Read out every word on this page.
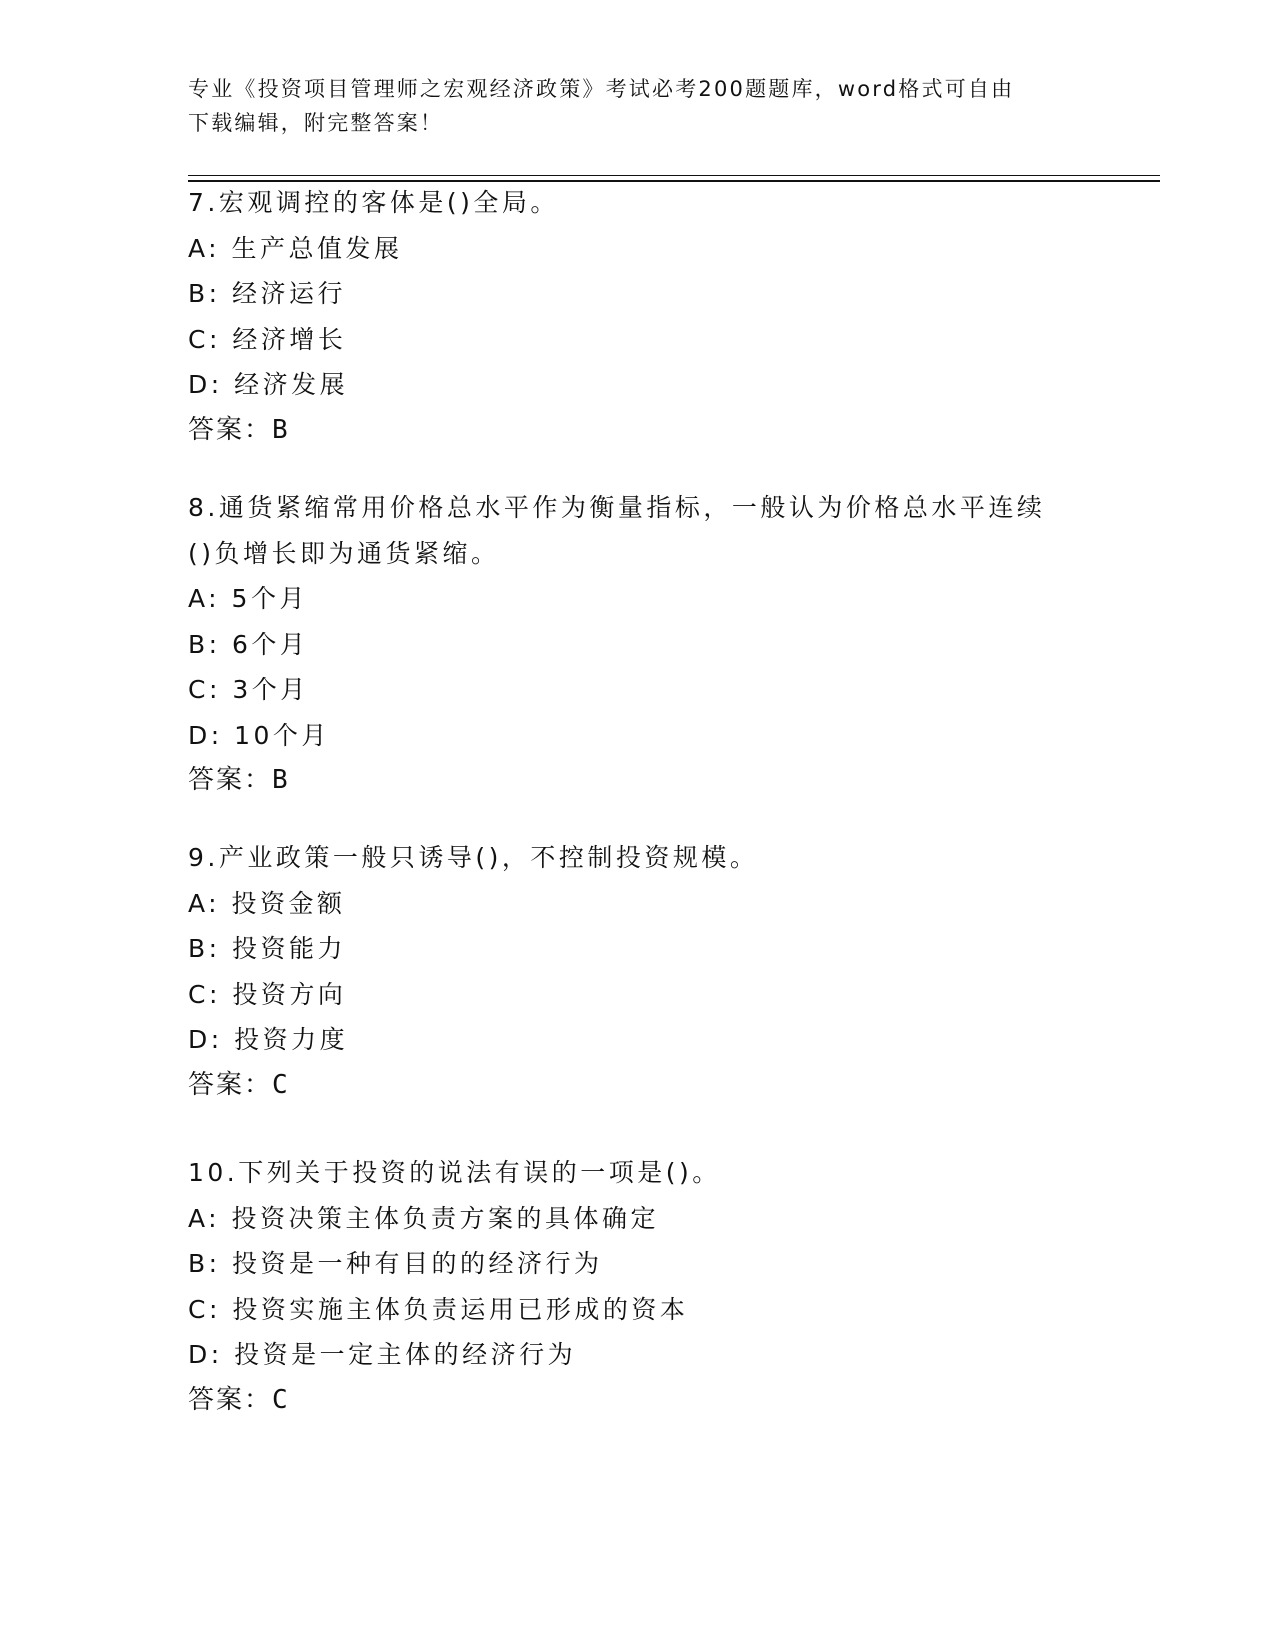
专业《投资项目管理师之宏观经济政策》考试必考200题题库，word格式可自由
下载编辑，附完整答案！
7.宏观调控的客体是()全局。
A: 生产总值发展
B: 经济运行
C: 经济增长
D: 经济发展
答案：B
8.通货紧缩常用价格总水平作为衡量指标，一般认为价格总水平连续
()负增长即为通货紧缩。
A: 5个月
B: 6个月
C: 3个月
D: 10个月
答案：B
9.产业政策一般只诱导()，不控制投资规模。
A: 投资金额
B: 投资能力
C: 投资方向
D: 投资力度
答案：C
10.下列关于投资的说法有误的一项是()。
A: 投资决策主体负责方案的具体确定
B: 投资是一种有目的的经济行为
C: 投资实施主体负责运用已形成的资本
D: 投资是一定主体的经济行为
答案：C
